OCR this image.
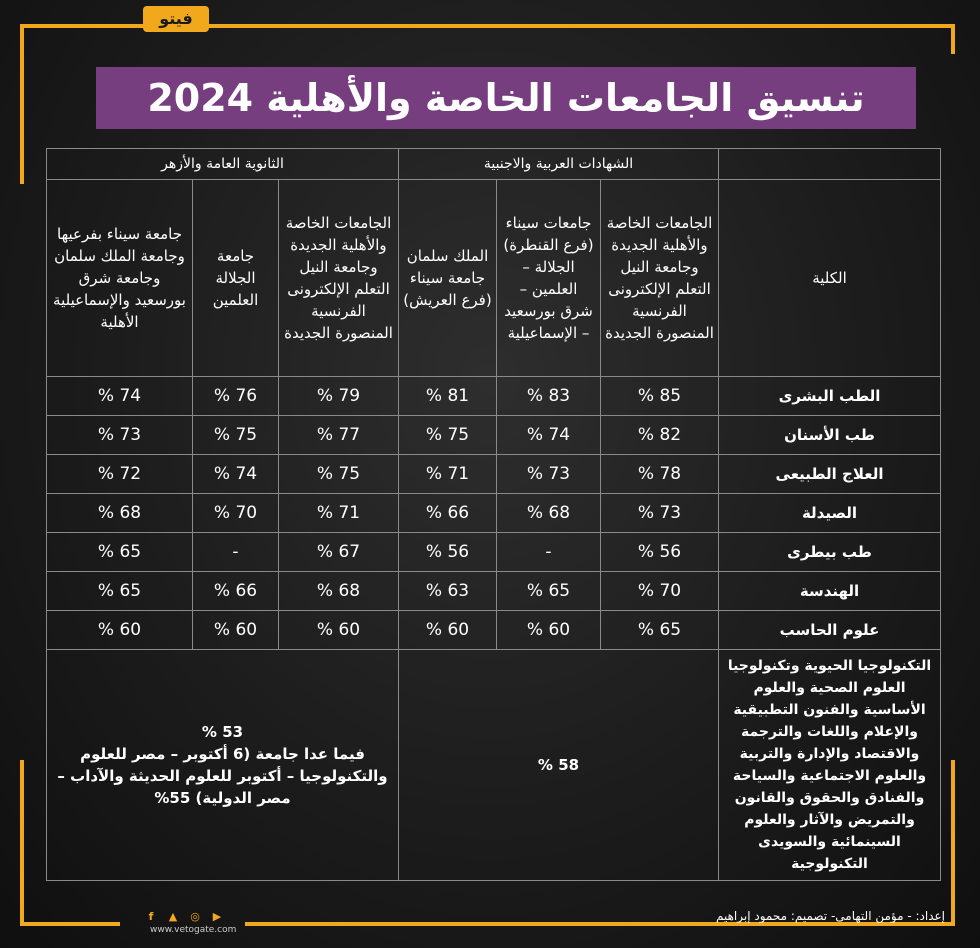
فيتو
تنسيق الجامعات الخاصة والأهلية 2024
	الشهادات العربية والاجنبية			الثانوية العامة والأزهر		
الكلية	الجامعات الخاصة والأهلية الجديدة وجامعة النيل التعلم الإلكترونى الفرنسية المنصورة الجديدة	جامعات سيناء (فرع القنطرة) الجلالة – العلمين – شرق بورسعيد – الإسماعيلية	الملك سلمان جامعة سيناء (فرع العريش)	الجامعات الخاصة والأهلية الجديدة وجامعة النيل التعلم الإلكترونى الفرنسية المنصورة الجديدة	جامعة الجلالة العلمين	جامعة سيناء بفرعيها وجامعة الملك سلمان وجامعة شرق بورسعيد والإسماعيلية الأهلية
الطب البشرى	85 %	83 %	81 %	79 %	76 %	74 %
طب الأسنان	82 %	74 %	75 %	77 %	75 %	73 %
العلاج الطبيعى	78 %	73 %	71 %	75 %	74 %	72 %
الصيدلة	73 %	68 %	66 %	71 %	70 %	68 %
طب بيطرى	56 %	-	56 %	67 %	-	65 %
الهندسة	70 %	65 %	63 %	68 %	66 %	65 %
علوم الحاسب	65 %	60 %	60 %	60 %	60 %	60 %
التكنولوجيا الحيوية وتكنولوجيا العلوم الصحية والعلوم الأساسية والفنون التطبيقية والإعلام واللغات والترجمة والاقتصاد والإدارة والتربية والعلوم الاجتماعية والسياحة والفنادق والحقوق والقانون والتمريض والآثار والعلوم السينمائية والسويدى التكنولوجية	58 %			53 %
فيما عدا جامعة (6 أكتوبر – مصر للعلوم والتكنولوجيا – أكتوبر للعلوم الحديثة والآداب – مصر الدولية) 55%		
إعداد: - مؤمن التهامى- تصميم: محمود إبراهيم
f	▲ ◎ ▶
www.vetogate.com
